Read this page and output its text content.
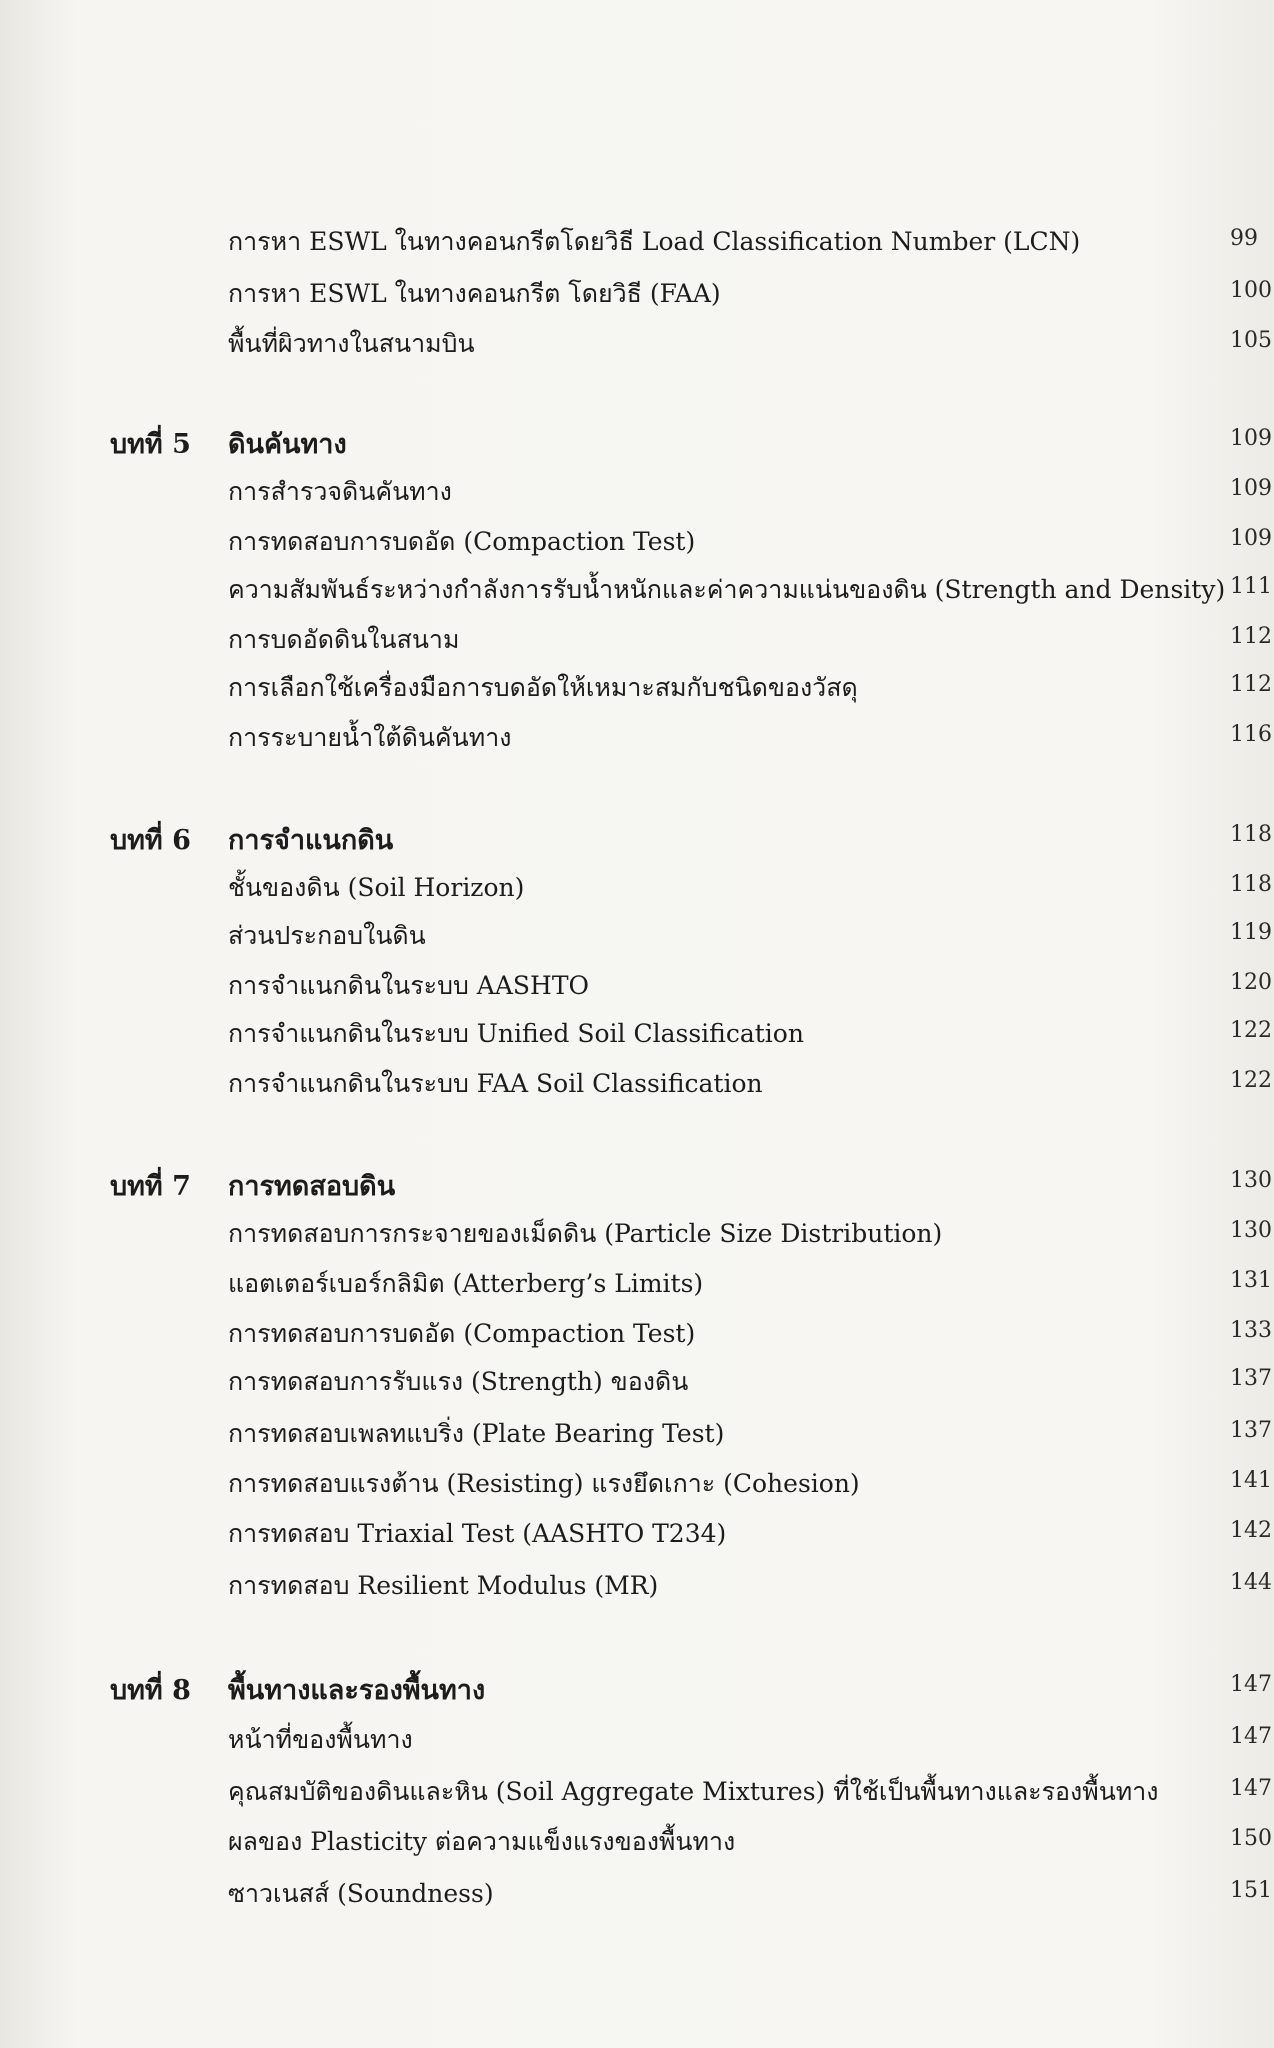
การหา ESWL ในทางคอนกรีตโดยวิธี Load Classification Number (LCN)	99
การหา ESWL ในทางคอนกรีต โดยวิธี (FAA)	100
พื้นที่ผิวทางในสนามบิน	105
บทที่ 5 ดินคันทาง	109
การสำรวจดินคันทาง	109
การทดสอบการบดอัด (Compaction Test)	109
ความสัมพันธ์ระหว่างกำลังการรับน้ำหนักและค่าความแน่นของดิน (Strength and Density) 111
การบดอัดดินในสนาม	112
การเลือกใช้เครื่องมือการบดอัดให้เหมาะสมกับชนิดของวัสดุ	112
การระบายน้ำใต้ดินคันทาง	116
บทที่ 6 การจำแนกดิน	118
ชั้นของดิน (Soil Horizon)	118
ส่วนประกอบในดิน	119
การจำแนกดินในระบบ AASHTO	120
การจำแนกดินในระบบ Unified Soil Classification	122
การจำแนกดินในระบบ FAA Soil Classification	122
บทที่ 7 การทดสอบดิน	130
การทดสอบการกระจายของเม็ดดิน (Particle Size Distribution)	130
แอตเตอร์เบอร์กลิมิต (Atterberg’s Limits)	131
การทดสอบการบดอัด (Compaction Test)	133
การทดสอบการรับแรง (Strength) ของดิน	137
การทดสอบเพลทแบริ่ง (Plate Bearing Test)	137
การทดสอบแรงต้าน (Resisting) แรงยึดเกาะ (Cohesion)	141
การทดสอบ Triaxial Test (AASHTO T234)	142
การทดสอบ Resilient Modulus (MR)	144
บทที่ 8 พื้นทางและรองพื้นทาง	147
หน้าที่ของพื้นทาง	147
คุณสมบัติของดินและหิน (Soil Aggregate Mixtures) ที่ใช้เป็นพื้นทางและรองพื้นทาง	147
ผลของ Plasticity ต่อความแข็งแรงของพื้นทาง	150
ซาวเนสส์ (Soundness)	151
